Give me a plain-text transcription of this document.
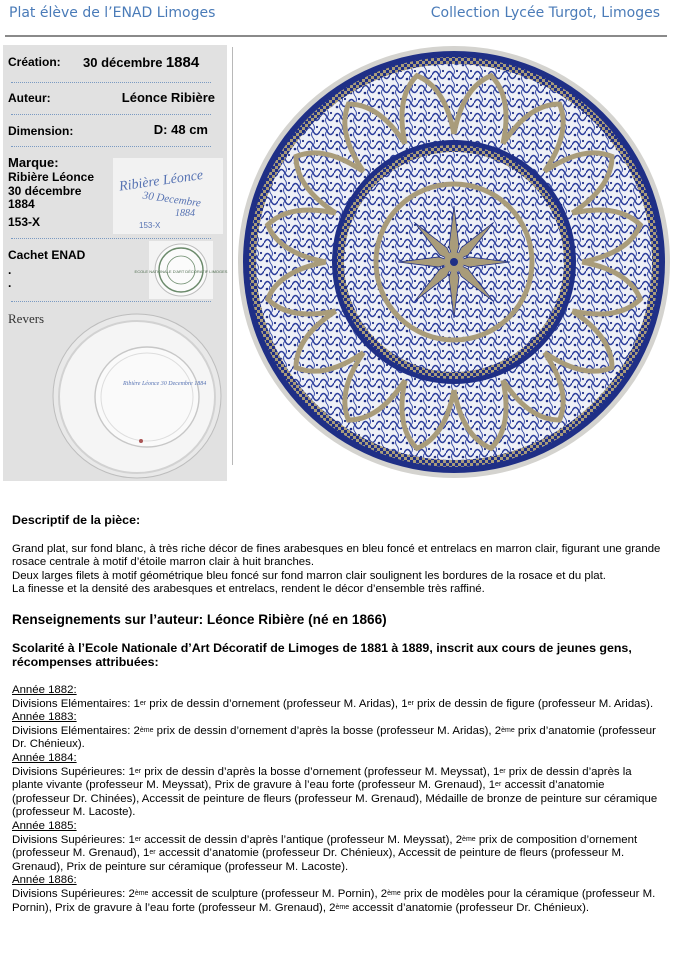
Plat élève de l’ENAD Limoges	Collection Lycée Turgot, Limoges
Création: 30 décembre 1884
Auteur:	Léonce Ribière
Dimension:	D: 48 cm
Marque:
Ribière Léonce
30 décembre
1884
153-X
Ribière Léonce
30 Decembre
1884
153-X
Cachet ENAD
.
.
ECOLE NATIONALE D'ART DÉCORATIF LIMOGES
Revers
Ribière Léonce 30 Decembre 1884
Descriptif de la pièce:

Grand plat, sur fond blanc, à très riche décor de fines arabesques en bleu foncé et entrelacs en marron clair, figurant une grande rosace centrale à motif d’étoile marron clair à huit branches.

Deux larges filets à motif géométrique bleu foncé sur fond marron clair soulignent les bordures de la rosace et du plat.

La finesse et la densité des arabesques et entrelacs, rendent le décor d’ensemble très raffiné.

Renseignements sur l’auteur: Léonce Ribière (né en 1866)
Scolarité à l’Ecole Nationale d’Art Décoratif de Limoges de 1881 à 1889, inscrit aux cours de jeunes gens, récompenses attribuées:
Année 1882:

Divisions Elémentaires: 1er prix de dessin d’ornement (professeur M. Aridas), 1er prix de dessin de figure (professeur M. Aridas).

Année 1883:

Divisions Elémentaires: 2ème prix de dessin d’ornement d’après la bosse (professeur M. Aridas), 2ème prix d’anatomie (professeur Dr. Chénieux).

Année 1884:

Divisions Supérieures: 1er prix de dessin d’après la bosse d’ornement (professeur M. Meyssat), 1er prix de dessin d’après la plante vivante (professeur M. Meyssat), Prix de gravure à l’eau forte (professeur M. Grenaud), 1er accessit d’anatomie (professeur Dr. Chinées), Accessit de peinture de fleurs (professeur M. Grenaud), Médaille de bronze de peinture sur céramique (professeur M. Lacoste).

Année 1885:

Divisions Supérieures: 1er accessit de dessin d’après l’antique (professeur M. Meyssat), 2ème prix de composition d’ornement (professeur M. Grenaud), 1er accessit d’anatomie (professeur Dr. Chénieux), Accessit de peinture de fleurs (professeur M. Grenaud), Prix de peinture sur céramique (professeur M. Lacoste).

Année 1886:

Divisions Supérieures: 2ème accessit de sculpture (professeur M. Pornin), 2ème prix de modèles pour la céramique (professeur M. Pornin), Prix de gravure à l’eau forte (professeur M. Grenaud), 2ème accessit d’anatomie (professeur Dr. Chénieux).
